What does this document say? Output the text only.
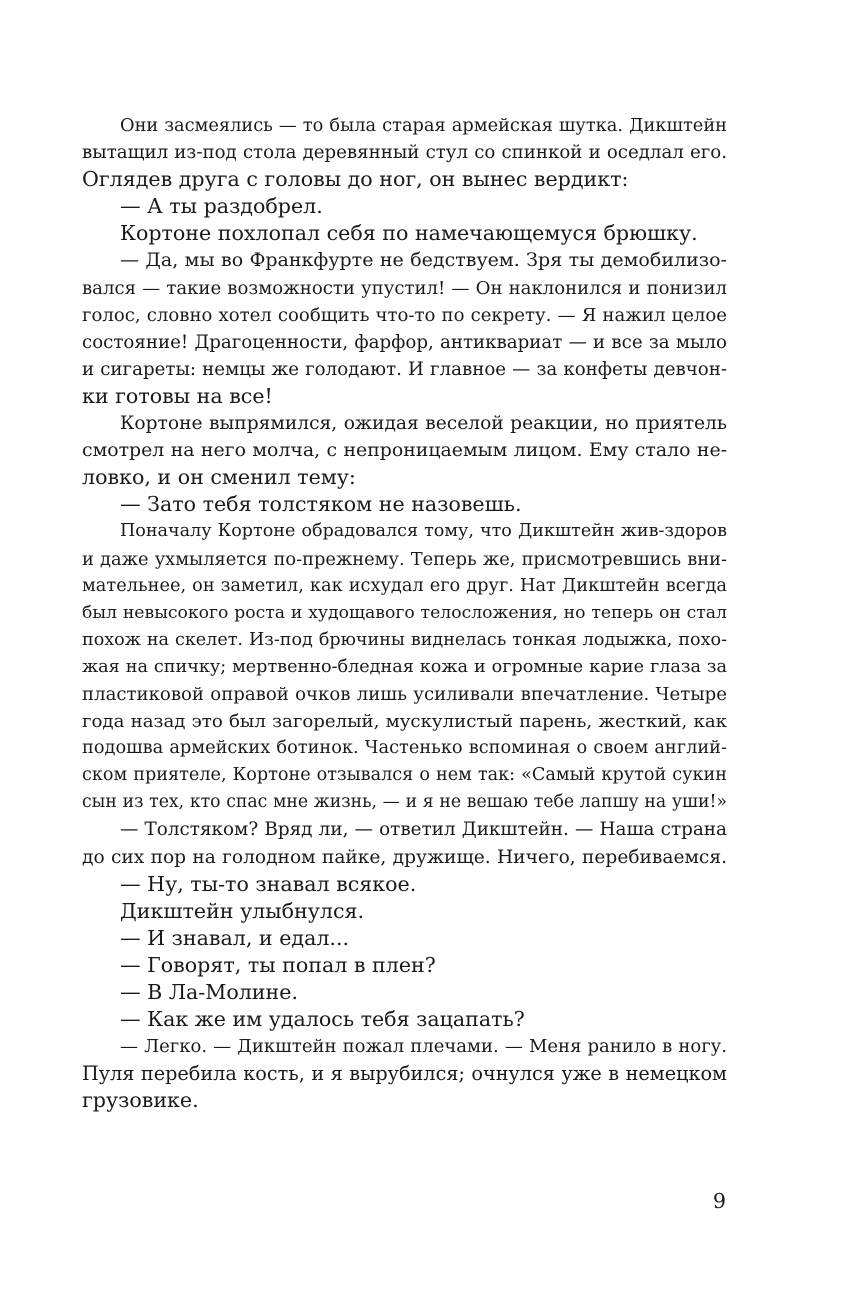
Они засмеялись — то была старая армейская шутка. Дикштейн
вытащил из-под стола деревянный стул со спинкой и оседлал его.
Оглядев друга с головы до ног, он вынес вердикт:
— А ты раздобрел.
Кортоне похлопал себя по намечающемуся брюшку.
— Да, мы во Франкфурте не бедствуем. Зря ты демобилизо-
вался — такие возможности упустил! — Он наклонился и понизил
голос, словно хотел сообщить что-то по секрету. — Я нажил целое
состояние! Драгоценности, фарфор, антиквариат — и все за мыло
и сигареты: немцы же голодают. И главное — за конфеты девчон-
ки готовы на все!
Кортоне выпрямился, ожидая веселой реакции, но приятель
смотрел на него молча, с непроницаемым лицом. Ему стало не-
ловко, и он сменил тему:
— Зато тебя толстяком не назовешь.
Поначалу Кортоне обрадовался тому, что Дикштейн жив-здоров
и даже ухмыляется по-прежнему. Теперь же, присмотревшись вни-
мательнее, он заметил, как исхудал его друг. Нат Дикштейн всегда
был невысокого роста и худощавого телосложения, но теперь он стал
похож на скелет. Из-под брючины виднелась тонкая лодыжка, похо-
жая на спичку; мертвенно-бледная кожа и огромные карие глаза за
пластиковой оправой очков лишь усиливали впечатление. Четыре
года назад это был загорелый, мускулистый парень, жесткий, как
подошва армейских ботинок. Частенько вспоминая о своем англий-
ском приятеле, Кортоне отзывался о нем так: «Самый крутой сукин
сын из тех, кто спас мне жизнь, — и я не вешаю тебе лапшу на уши!»
— Толстяком? Вряд ли, — ответил Дикштейн. — Наша страна
до сих пор на голодном пайке, дружище. Ничего, перебиваемся.
— Ну, ты-то знавал всякое.
Дикштейн улыбнулся.
— И знавал, и едал...
— Говорят, ты попал в плен?
— В Ла-Молине.
— Как же им удалось тебя зацапать?
— Легко. — Дикштейн пожал плечами. — Меня ранило в ногу.
Пуля перебила кость, и я вырубился; очнулся уже в немецком
грузовике.
9
